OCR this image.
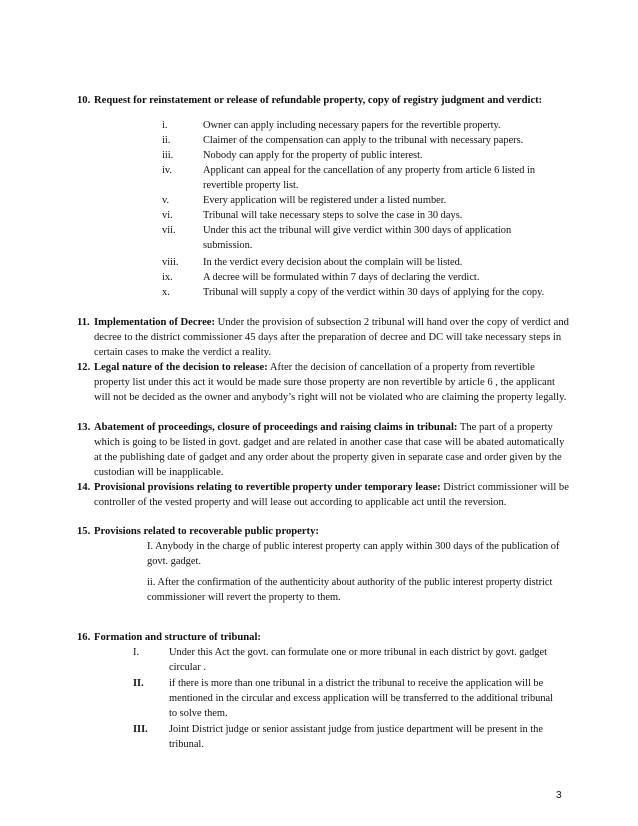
10. Request for reinstatement or release of refundable property, copy of registry judgment and verdict:
i.	Owner can apply including necessary papers for the revertible property.
ii.	Claimer of the compensation can apply to the tribunal with necessary papers.
iii.	Nobody can apply for the property of public interest.
iv.	Applicant can appeal for the cancellation of any property from article 6 listed in revertible property list.
v.	Every application will be registered under a listed number.
vi.	Tribunal will take necessary steps to solve the case in 30 days.
vii.	Under this act the tribunal will give verdict within 300 days of application submission.
viii. In the verdict every decision about the complain will be listed.
ix.	A decree will be formulated within 7 days of declaring the verdict.
x.	Tribunal will supply a copy of the verdict within 30 days of applying for the copy.
11. Implementation of Decree: Under the provision of subsection 2 tribunal will hand over the copy of verdict and decree to the district commissioner 45 days after the preparation of decree and DC will take necessary steps in certain cases to make the verdict a reality.
12. Legal nature of the decision to release: After the decision of cancellation of a property from revertible property list under this act it would be made sure those property are non revertible by article 6 , the applicant will not be decided as the owner and anybody’s right will not be violated who are claiming the property legally.
13. Abatement of proceedings, closure of proceedings and raising claims in tribunal: The part of a property which is going to be listed in govt. gadget and are related in another case that case will be abated automatically at the publishing date of gadget and any order about the property given in separate case and order given by the custodian will be inapplicable.
14. Provisional provisions relating to revertible property under temporary lease: District commissioner will be controller of the vested property and will lease out according to applicable act until the reversion.
15. Provisions related to recoverable public property:
I. Anybody in the charge of public interest property can apply within 300 days of the publication of govt. gadget.
ii. After the confirmation of the authenticity about authority of the public interest property district commissioner will revert the property to them.
16. Formation and structure of tribunal:
I.	Under this Act the govt. can formulate one or more tribunal in each district by govt. gadget circular .
II. if there is more than one tribunal in a district the tribunal to receive the application will be mentioned in the circular and excess application will be transferred to the additional tribunal to solve them.
III. Joint District judge or senior assistant judge from justice department will be present in the tribunal.
3
